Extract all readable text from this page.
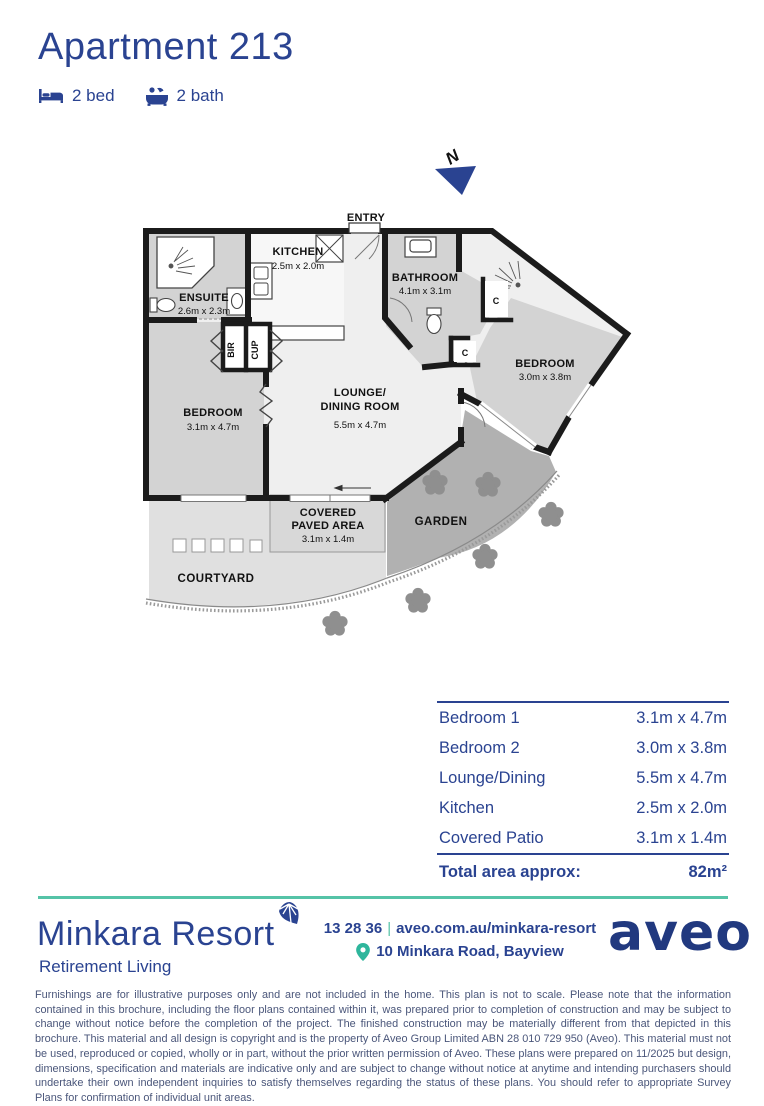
Apartment 213
2 bed	2 bath
N
ENTRY
KITCHEN
2.5m x 2.0m
ENSUITE
2.6m x 2.3m
BATHROOM
4.1m x 3.1m
BEDROOM
3.0m x 3.8m
BEDROOM
3.1m x 4.7m
LOUNGE/
DINING ROOM
5.5m x 4.7m
COVERED
PAVED AREA
3.1m x 1.4m
GARDEN
COURTYARD
BIR CUP
C
C
Bedroom 1	3.1m x 4.7m
Bedroom 2	3.0m x 3.8m
Lounge/Dining	5.5m x 4.7m
Kitchen	2.5m x 2.0m
Covered Patio	3.1m x 1.4m
Total area approx:	82m²
Minkara Resort
Retirement Living
13 28 36 | aveo.com.au/minkara-resort
10 Minkara Road, Bayview aveo
Furnishings are for illustrative purposes only and are not included in the home. This plan is not to scale. Please note that the information contained in this brochure, including the floor plans contained within it, was prepared prior to completion of construction and may be subject to change without notice before the completion of the project. The finished construction may be materially different from that depicted in this brochure. This material and all design is copyright and is the property of Aveo Group Limited ABN 28 010 729 950 (Aveo). This material must not be used, reproduced or copied, wholly or in part, without the prior written permission of Aveo. These plans were prepared on 11/2025 but design, dimensions, specification and materials are indicative only and are subject to change without notice at anytime and intending purchasers should undertake their own independent inquiries to satisfy themselves regarding the status of these plans. You should refer to appropriate Survey Plans for confirmation of individual unit areas.
